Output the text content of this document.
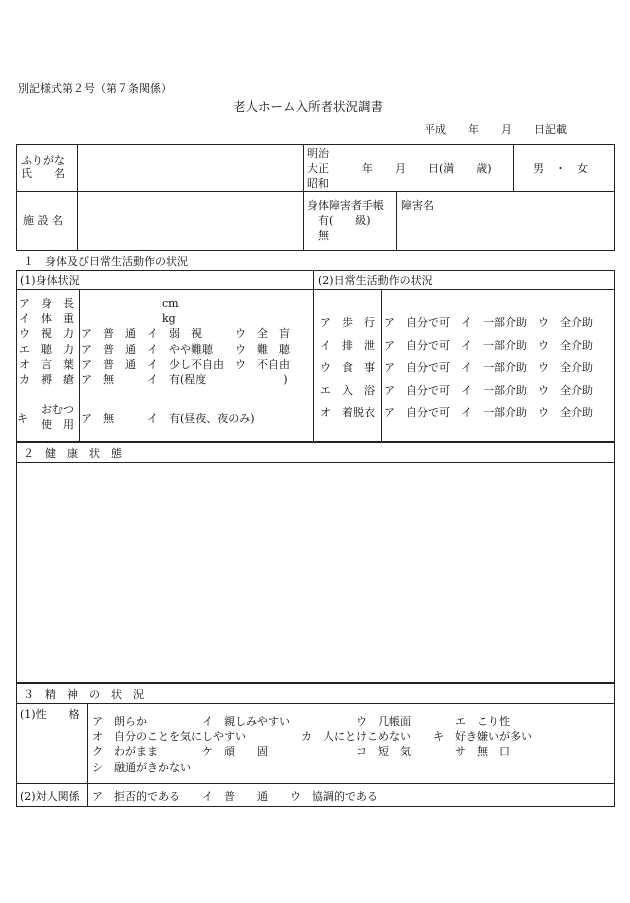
別記様式第２号（第７条関係）
老人ホーム入所者状況調書
平成　　年　　月　　日記載
ふりがな
氏　　名
明治
大正　　　年　　月　　日(満　　歳)
昭和
男　・　女
施 設 名
身体障害者手帳
有(　　級)
無
障害名
１　身体及び日常生活動作の状況
(1)身体状況	(2)日常生活動作の状況
ア　身　長	cm
イ　体　重	kg
ウ　視　力 ア　普　通　イ　弱　視　　　ウ　全　盲
エ　聴　力 ア　普　通　イ　やや難聴　　ウ　難　聴
オ　言　葉 ア　普　通　イ　少し不自由　ウ　不自由
カ　褥　瘡 ア　無　　　イ　有(程度　　　　　　　)
キ
おむつ
使　用 ア　無　　　イ　有(昼夜、夜のみ)
ア　歩　行 ア　自分で可　イ　一部介助　ウ　全介助
イ　排　泄 ア　自分で可　イ　一部介助　ウ　全介助
ウ　食　事 ア　自分で可　イ　一部介助　ウ　全介助
エ　入　浴 ア　自分で可　イ　一部介助　ウ　全介助
オ　着脱衣 ア　自分で可　イ　一部介助　ウ　全介助
２　健　康　状　態
３　精　神　の　状　況
(1)性　　格
ア　朗らか　　　　　イ　親しみやすい　　　　　　ウ　几帳面　　　　エ　こり性
オ　自分のことを気にしやすい　　　　　カ　人にとけこめない　　キ　好き嫌いが多い
ク　わがまま　　　　ケ　頑　　固　　　　　　　　コ　短　気　　　　サ　無　口
シ　融通がきかない
(2)対人関係 ア　拒否的である　　イ　普　　通　　ウ　協調的である
